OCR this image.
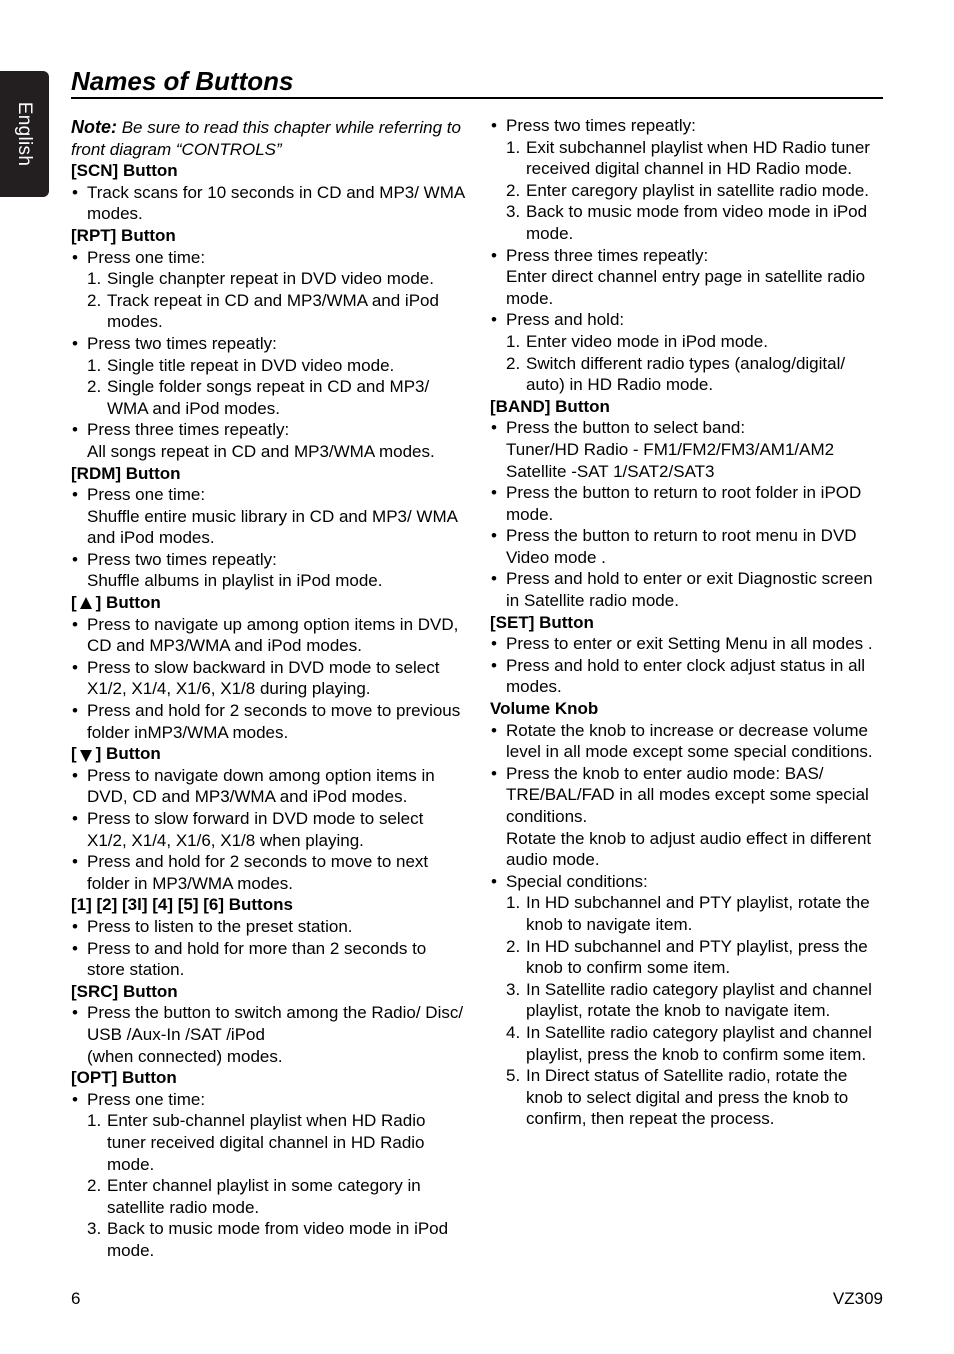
English
Names of Buttons
Note: Be sure to read this chapter while referring to front diagram “CONTROLS”
[SCN] Button
• Track scans for 10 seconds in CD and MP3/ WMA modes.
[RPT] Button
• Press one time:
1. Single chanpter repeat in DVD video mode.
2. Track repeat in CD and MP3/WMA and iPod modes.
• Press two times repeatly:
1. Single title repeat in DVD video mode.
2. Single folder songs repeat in CD and MP3/ WMA and iPod modes.
• Press three times repeatly:
All songs repeat in CD and MP3/WMA modes.
[RDM] Button
• Press one time:
Shuffle entire music library in CD and MP3/ WMA and iPod modes.
• Press two times repeatly:
Shuffle albums in playlist in iPod mode.
[ ] Button
• Press to navigate up among option items in DVD, CD and MP3/WMA and iPod modes.
• Press to slow backward in DVD mode to select X1/2, X1/4, X1/6, X1/8 during playing.
• Press and hold for 2 seconds to move to previous folder inMP3/WMA modes.
[ ] Button
• Press to navigate down among option items in DVD, CD and MP3/WMA and iPod modes.
• Press to slow forward in DVD mode to select X1/2, X1/4, X1/6, X1/8 when playing.
• Press and hold for 2 seconds to move to next folder in MP3/WMA modes.
[1] [2] [3l] [4] [5] [6] Buttons
• Press to listen to the preset station.
• Press to and hold for more than 2 seconds to store station.
[SRC] Button
• Press the button to switch among the Radio/ Disc/ USB /Aux-In /SAT /iPod
(when connected) modes.
[OPT] Button
• Press one time:
1. Enter sub-channel playlist when HD Radio tuner received digital channel in HD Radio mode.
2. Enter channel playlist in some category in satellite radio mode.
3. Back to music mode from video mode in iPod mode.
• Press two times repeatly:
1. Exit subchannel playlist when HD Radio tuner received digital channel in HD Radio mode.
2. Enter caregory playlist in satellite radio mode.
3. Back to music mode from video mode in iPod mode.
• Press three times repeatly:
Enter direct channel entry page in satellite radio mode.
• Press and hold:
1. Enter video mode in iPod mode.
2. Switch different radio types (analog/digital/ auto) in HD Radio mode.
[BAND] Button
• Press the button to select band:
Tuner/HD Radio - FM1/FM2/FM3/AM1/AM2
Satellite -SAT 1/SAT2/SAT3
• Press the button to return to root folder in iPOD mode.
• Press the button to return to root menu in DVD Video mode .
• Press and hold to enter or exit Diagnostic screen in Satellite radio mode.
[SET] Button
• Press to enter or exit Setting Menu in all modes .
• Press and hold to enter clock adjust status in all modes.
Volume Knob
• Rotate the knob to increase or decrease volume level in all mode except some special conditions.
• Press the knob to enter audio mode: BAS/ TRE/BAL/FAD in all modes except some special conditions.
Rotate the knob to adjust audio effect in different audio mode.
• Special conditions:
1. In HD subchannel and PTY playlist, rotate the knob to navigate item.
2. In HD subchannel and PTY playlist, press the knob to confirm some item.
3. In Satellite radio category playlist and channel playlist, rotate the knob to navigate item.
4. In Satellite radio category playlist and channel playlist, press the knob to confirm some item.
5. In Direct status of Satellite radio, rotate the knob to select digital and press the knob to confirm, then repeat the process.
6	VZ309
